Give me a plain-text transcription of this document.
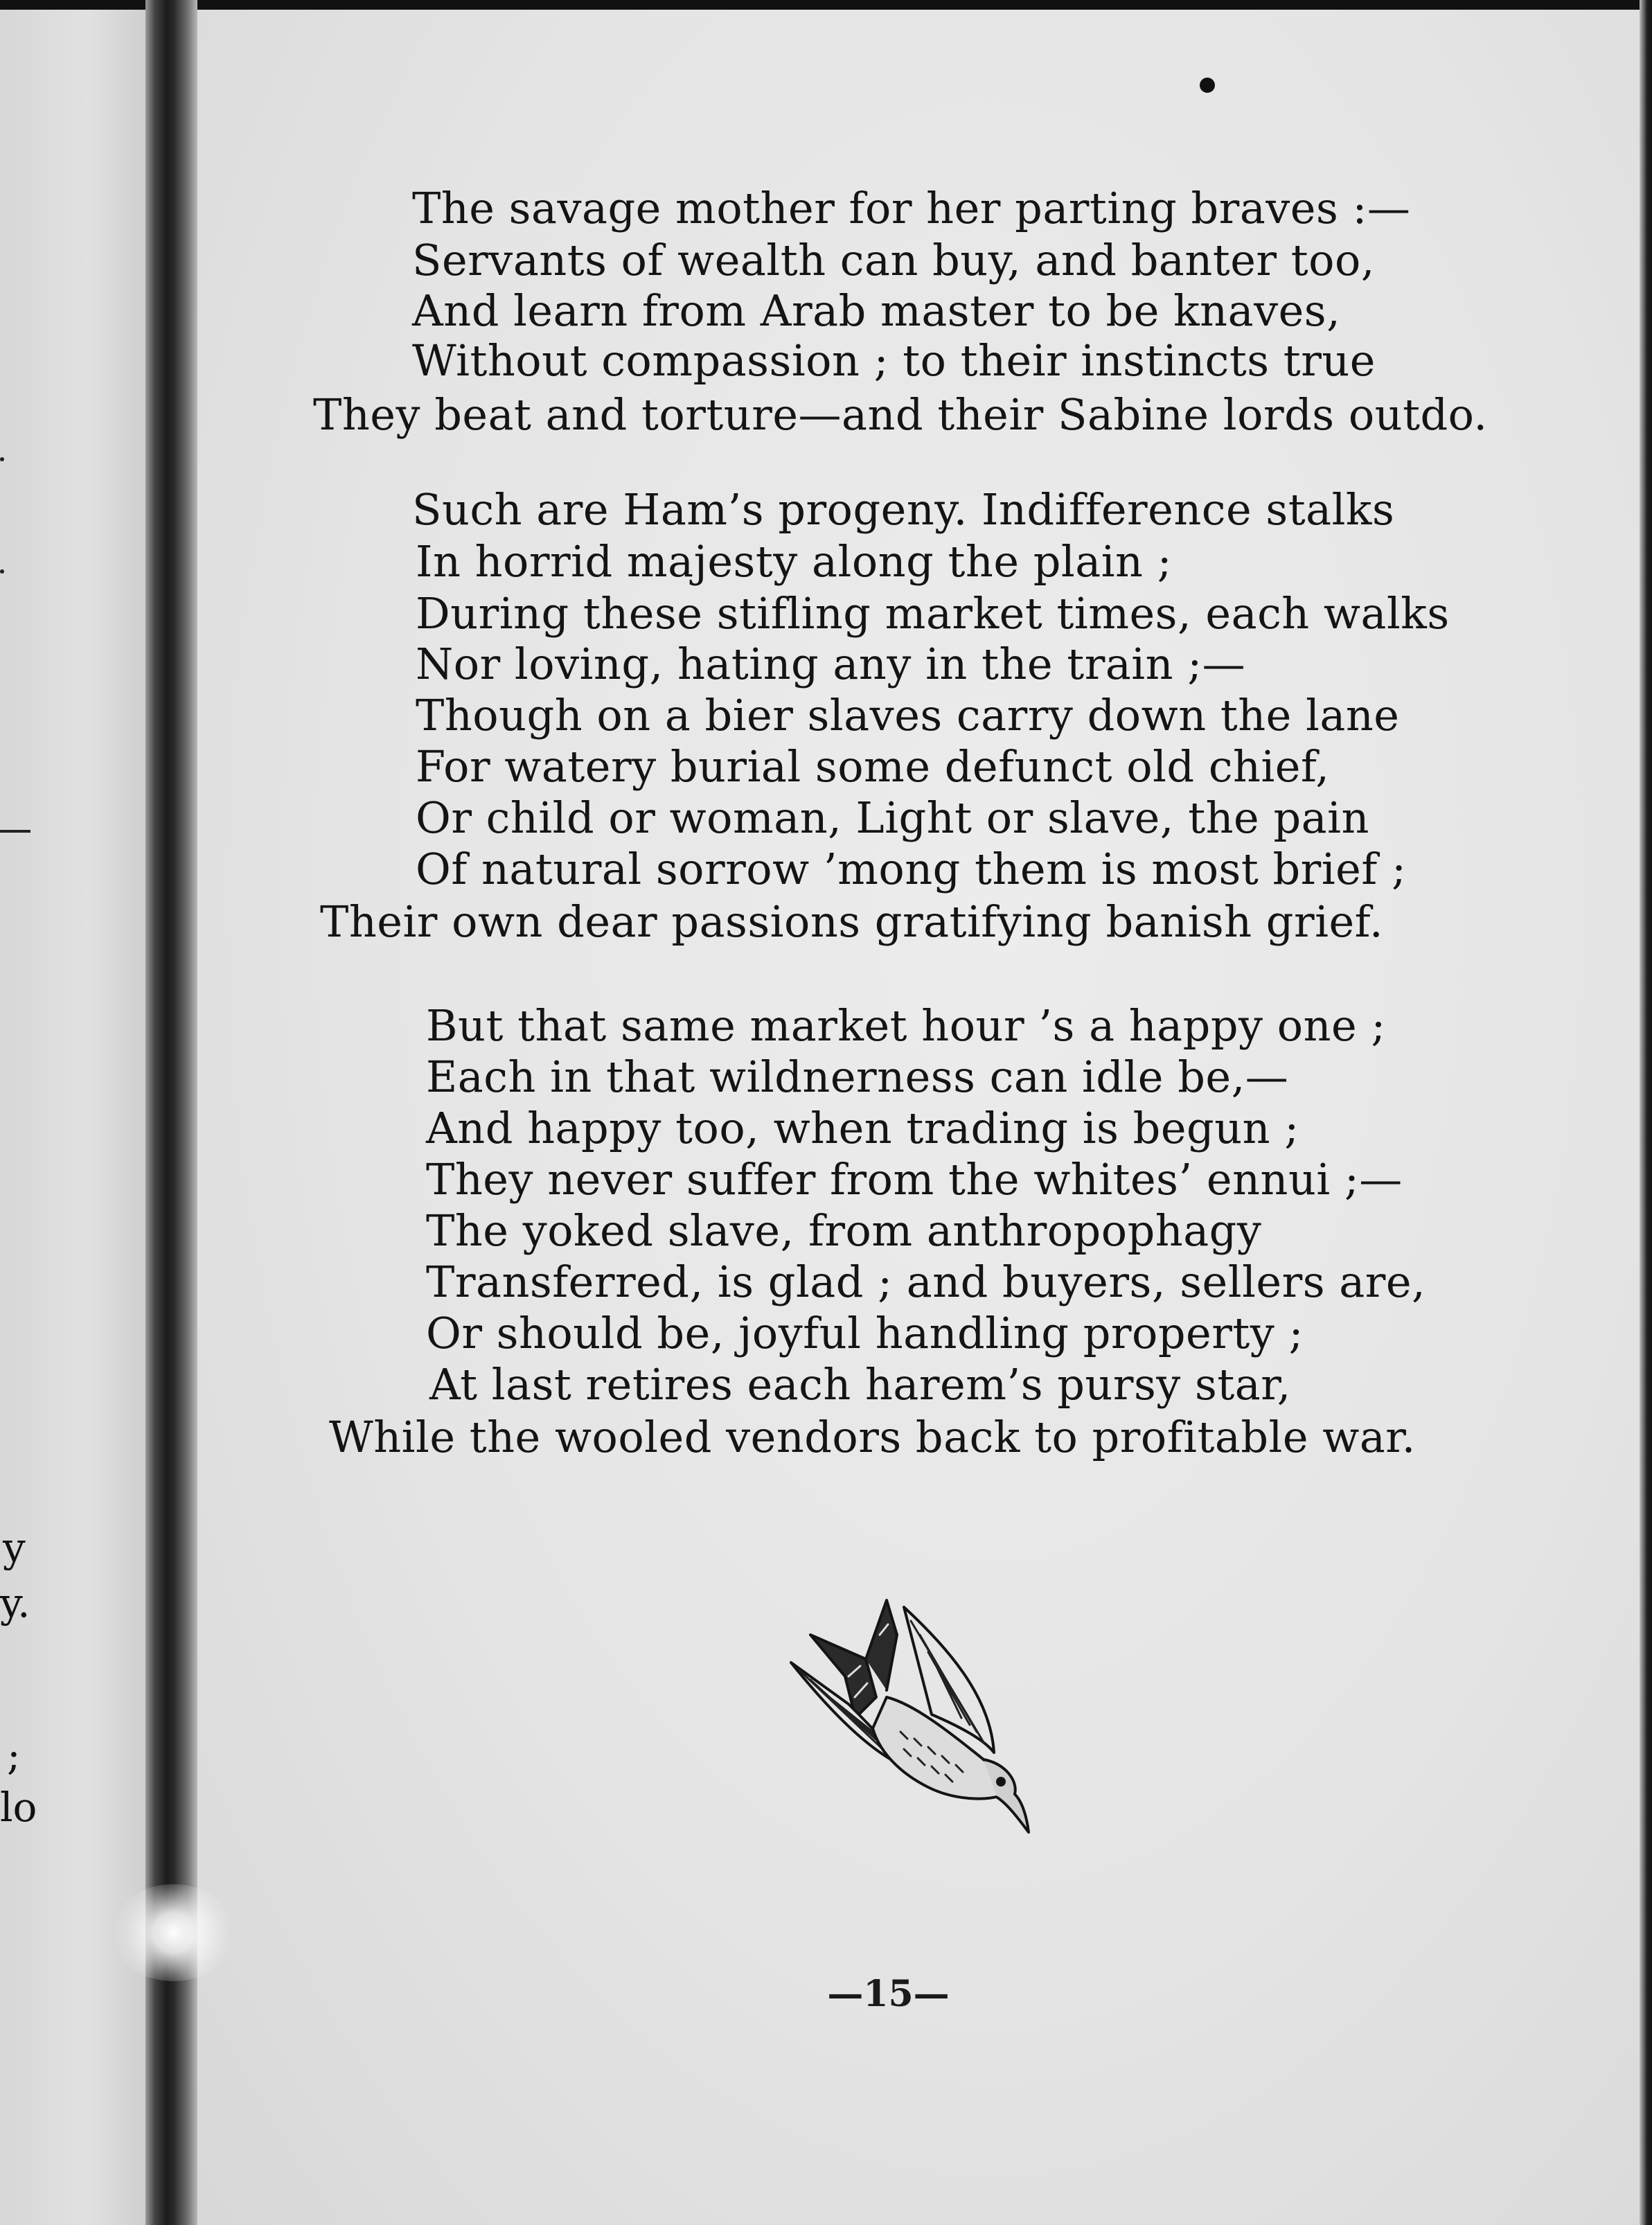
y
y.
;
lo
The savage mother for her parting braves :—
Servants of wealth can buy, and banter too,
And learn from Arab master to be knaves,
Without compassion ; to their instincts true
They beat and torture—and their Sabine lords outdo.
Such are Ham’s progeny. Indifference stalks
In horrid majesty along the plain ;
During these stifling market times, each walks
Nor loving, hating any in the train ;—
Though on a bier slaves carry down the lane
For watery burial some defunct old chief,
Or child or woman, Light or slave, the pain
Of natural sorrow ’mong them is most brief ;
Their own dear passions gratifying banish grief.
But that same market hour ’s a happy one ;
Each in that wildnerness can idle be,—
And happy too, when trading is begun ;
They never suffer from the whites’ ennui ;—
The yoked slave, from anthropophagy
Transferred, is glad ; and buyers, sellers are,
Or should be, joyful handling property ;
At last retires each harem’s pursy star,
While the wooled vendors back to profitable war.
—15—
